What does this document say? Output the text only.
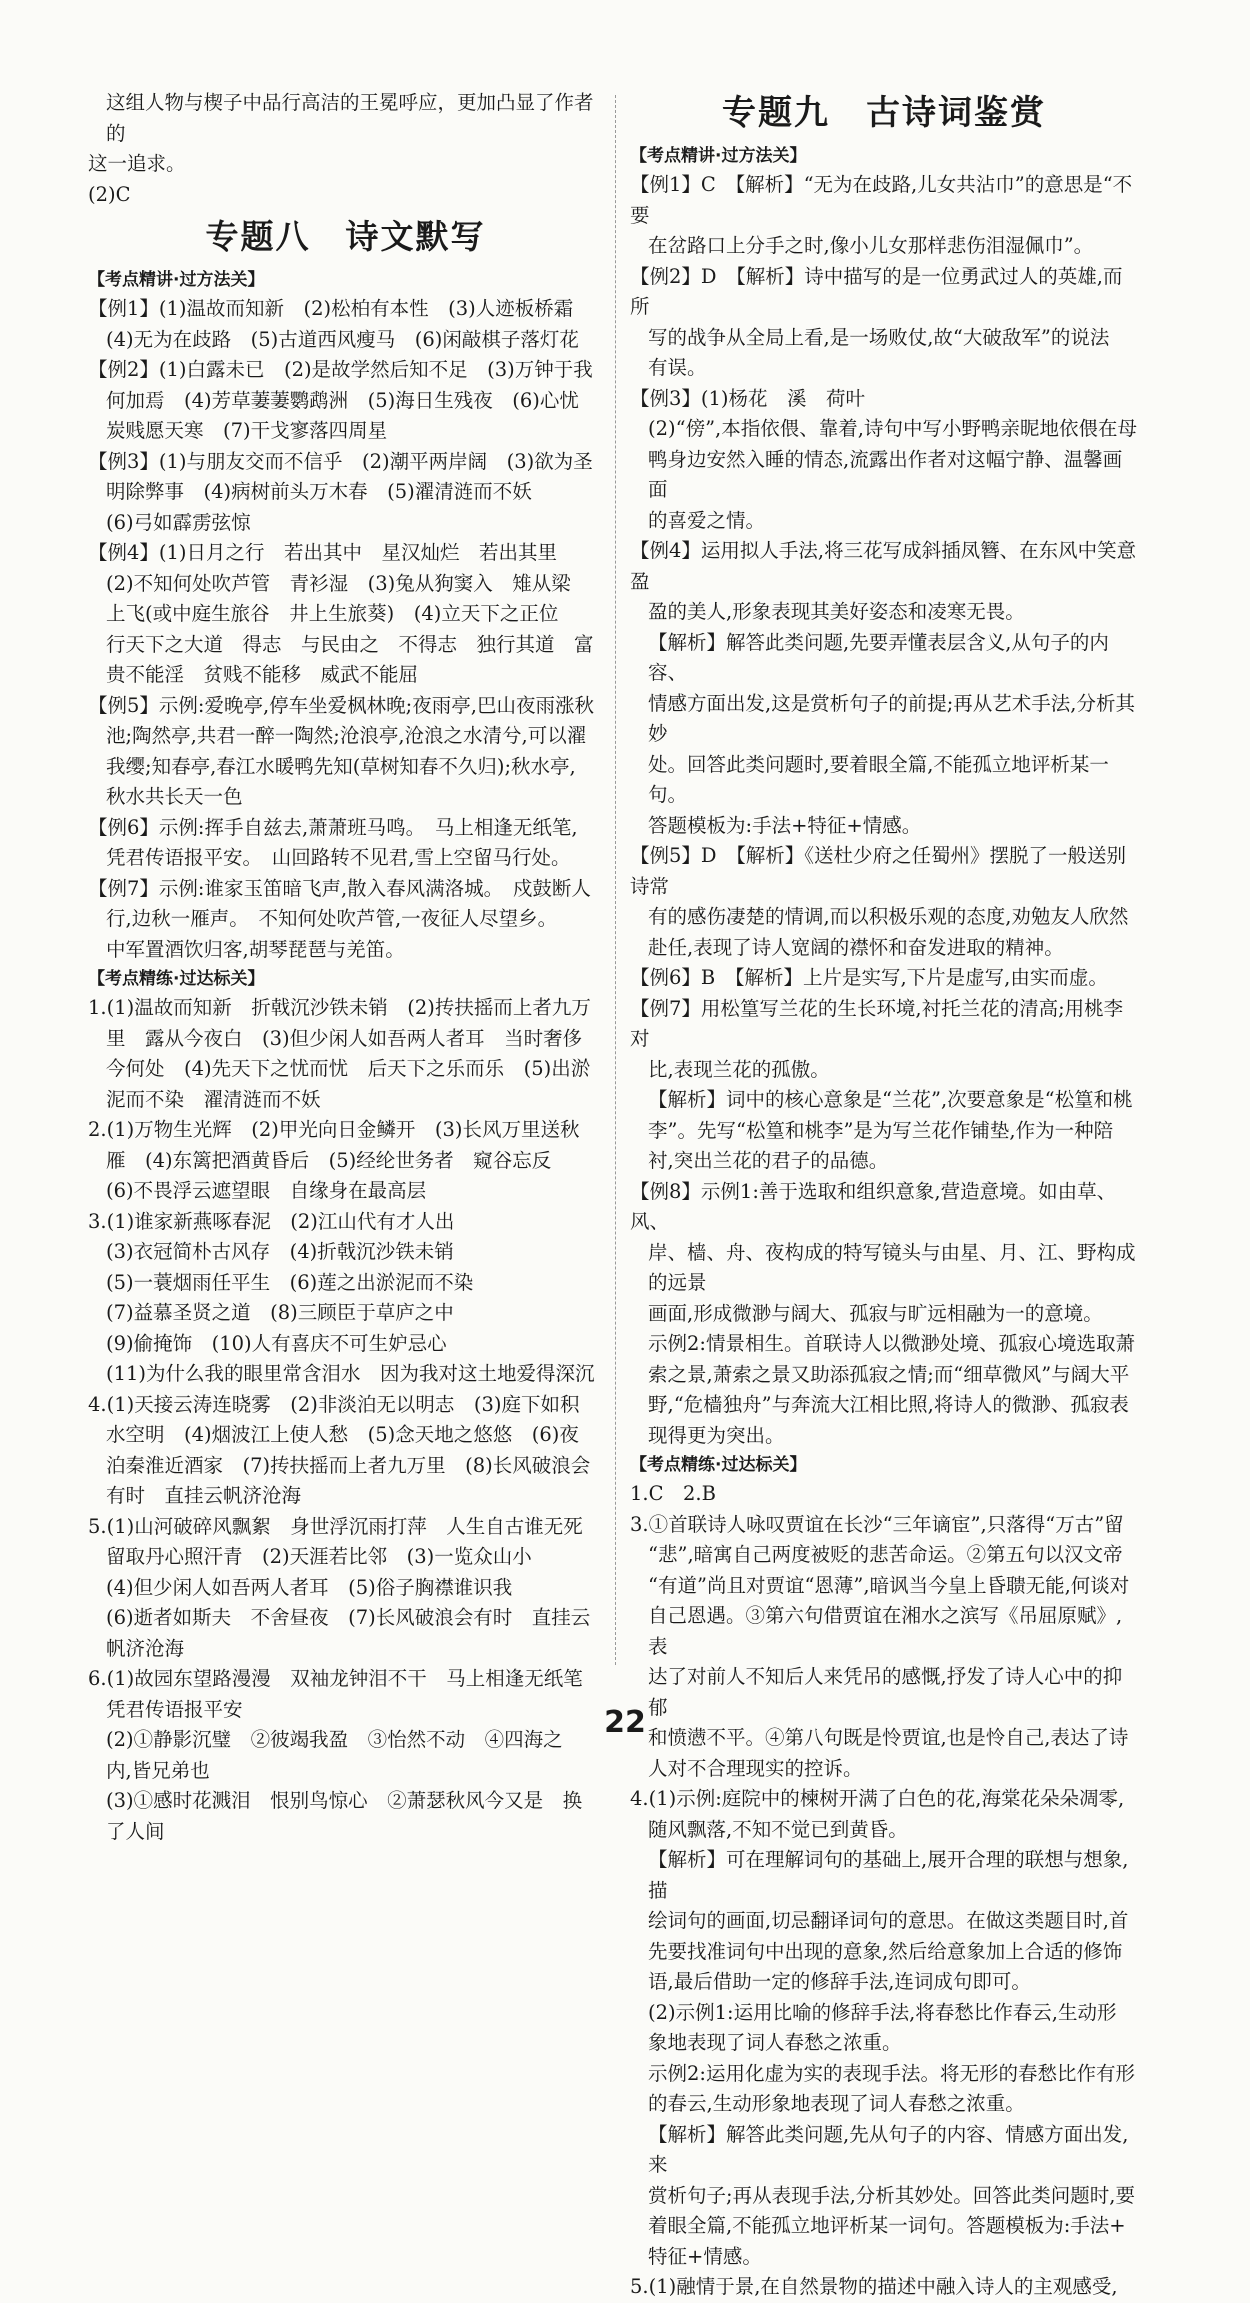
这组人物与楔子中品行高洁的王冕呼应，更加凸显了作者的

这一追求。

(2)C

专题八　诗文默写
【考点精讲·过方法关】

【例1】(1)温故而知新　(2)松柏有本性　(3)人迹板桥霜

(4)无为在歧路　(5)古道西风瘦马　(6)闲敲棋子落灯花

【例2】(1)白露未已　(2)是故学然后知不足　(3)万钟于我

何加焉　(4)芳草萋萋鹦鹉洲　(5)海日生残夜　(6)心忧

炭贱愿天寒　(7)干戈寥落四周星

【例3】(1)与朋友交而不信乎　(2)潮平两岸阔　(3)欲为圣

明除弊事　(4)病树前头万木春　(5)濯清涟而不妖

(6)弓如霹雳弦惊

【例4】(1)日月之行　若出其中　星汉灿烂　若出其里

(2)不知何处吹芦管　青衫湿　(3)兔从狗窦入　雉从梁

上飞(或中庭生旅谷　井上生旅葵)　(4)立天下之正位

行天下之大道　得志　与民由之　不得志　独行其道　富

贵不能淫　贫贱不能移　威武不能屈

【例5】示例:爱晚亭,停车坐爱枫林晚;夜雨亭,巴山夜雨涨秋

池;陶然亭,共君一醉一陶然;沧浪亭,沧浪之水清兮,可以濯

我缨;知春亭,春江水暖鸭先知(草树知春不久归);秋水亭,

秋水共长天一色

【例6】示例:挥手自兹去,萧萧班马鸣。　马上相逢无纸笔,

凭君传语报平安。　山回路转不见君,雪上空留马行处。

【例7】示例:谁家玉笛暗飞声,散入春风满洛城。　戍鼓断人

行,边秋一雁声。　不知何处吹芦管,一夜征人尽望乡。

中军置酒饮归客,胡琴琵琶与羌笛。

【考点精练·过达标关】

1.(1)温故而知新　折戟沉沙铁未销　(2)抟扶摇而上者九万

里　露从今夜白　(3)但少闲人如吾两人者耳　当时奢侈

今何处　(4)先天下之忧而忧　后天下之乐而乐　(5)出淤

泥而不染　濯清涟而不妖

2.(1)万物生光辉　(2)甲光向日金鳞开　(3)长风万里送秋

雁　(4)东篱把酒黄昏后　(5)经纶世务者　窥谷忘反

(6)不畏浮云遮望眼　自缘身在最高层

3.(1)谁家新燕啄春泥　(2)江山代有才人出

(3)衣冠简朴古风存　(4)折戟沉沙铁未销

(5)一蓑烟雨任平生　(6)莲之出淤泥而不染

(7)益慕圣贤之道　(8)三顾臣于草庐之中

(9)偷掩饰　(10)人有喜庆不可生妒忌心

(11)为什么我的眼里常含泪水　因为我对这土地爱得深沉

4.(1)天接云涛连晓雾　(2)非淡泊无以明志　(3)庭下如积

水空明　(4)烟波江上使人愁　(5)念天地之悠悠　(6)夜

泊秦淮近酒家　(7)抟扶摇而上者九万里　(8)长风破浪会

有时　直挂云帆济沧海

5.(1)山河破碎风飘絮　身世浮沉雨打萍　人生自古谁无死

留取丹心照汗青　(2)天涯若比邻　(3)一览众山小

(4)但少闲人如吾两人者耳　(5)俗子胸襟谁识我

(6)逝者如斯夫　不舍昼夜　(7)长风破浪会有时　直挂云

帆济沧海

6.(1)故园东望路漫漫　双袖龙钟泪不干　马上相逢无纸笔

凭君传语报平安

(2)①静影沉璧　②彼竭我盈　③怡然不动　④四海之

内,皆兄弟也

(3)①感时花溅泪　恨别鸟惊心　②萧瑟秋风今又是　换

了人间

专题九　古诗词鉴赏
【考点精讲·过方法关】

【例1】C　【解析】“无为在歧路,儿女共沾巾”的意思是“不要

在岔路口上分手之时,像小儿女那样悲伤泪湿佩巾”。

【例2】D　【解析】诗中描写的是一位勇武过人的英雄,而所

写的战争从全局上看,是一场败仗,故“大破敌军”的说法

有误。

【例3】(1)杨花　溪　荷叶

(2)“傍”,本指依偎、靠着,诗句中写小野鸭亲昵地依偎在母

鸭身边安然入睡的情态,流露出作者对这幅宁静、温馨画面

的喜爱之情。

【例4】运用拟人手法,将三花写成斜插凤簪、在东风中笑意盈

盈的美人,形象表现其美好姿态和凌寒无畏。

【解析】解答此类问题,先要弄懂表层含义,从句子的内容、

情感方面出发,这是赏析句子的前提;再从艺术手法,分析其妙

处。回答此类问题时,要着眼全篇,不能孤立地评析某一句。

答题模板为:手法+特征+情感。

【例5】D　【解析】《送杜少府之任蜀州》摆脱了一般送别诗常

有的感伤凄楚的情调,而以积极乐观的态度,劝勉友人欣然

赴任,表现了诗人宽阔的襟怀和奋发进取的精神。

【例6】B　【解析】上片是实写,下片是虚写,由实而虚。

【例7】用松篁写兰花的生长环境,衬托兰花的清高;用桃李对

比,表现兰花的孤傲。

【解析】词中的核心意象是“兰花”,次要意象是“松篁和桃

李”。先写“松篁和桃李”是为写兰花作铺垫,作为一种陪

衬,突出兰花的君子的品德。

【例8】示例1:善于选取和组织意象,营造意境。如由草、风、

岸、樯、舟、夜构成的特写镜头与由星、月、江、野构成的远景

画面,形成微渺与阔大、孤寂与旷远相融为一的意境。

示例2:情景相生。首联诗人以微渺处境、孤寂心境选取萧

索之景,萧索之景又助添孤寂之情;而“细草微风”与阔大平

野,“危樯独舟”与奔流大江相比照,将诗人的微渺、孤寂表

现得更为突出。

【考点精练·过达标关】

1.C　2.B

3.①首联诗人咏叹贾谊在长沙“三年谪宦”,只落得“万古”留

“悲”,暗寓自己两度被贬的悲苦命运。②第五句以汉文帝

“有道”尚且对贾谊“恩薄”,暗讽当今皇上昏聩无能,何谈对

自己恩遇。③第六句借贾谊在湘水之滨写《吊屈原赋》,表

达了对前人不知后人来凭吊的感慨,抒发了诗人心中的抑郁

和愤懑不平。④第八句既是怜贾谊,也是怜自己,表达了诗

人对不合理现实的控诉。

4.(1)示例:庭院中的楝树开满了白色的花,海棠花朵朵凋零,

随风飘落,不知不觉已到黄昏。

【解析】可在理解词句的基础上,展开合理的联想与想象,描

绘词句的画面,切忌翻译词句的意思。在做这类题目时,首

先要找准词句中出现的意象,然后给意象加上合适的修饰

语,最后借助一定的修辞手法,连词成句即可。

(2)示例1:运用比喻的修辞手法,将春愁比作春云,生动形

象地表现了词人春愁之浓重。

示例2:运用化虚为实的表现手法。将无形的春愁比作有形

的春云,生动形象地表现了词人春愁之浓重。

【解析】解答此类问题,先从句子的内容、情感方面出发,来

赏析句子;再从表现手法,分析其妙处。回答此类问题时,要

着眼全篇,不能孤立地评析某一词句。答题模板为:手法+

特征+情感。

5.(1)融情于景,在自然景物的描述中融入诗人的主观感受,

22
